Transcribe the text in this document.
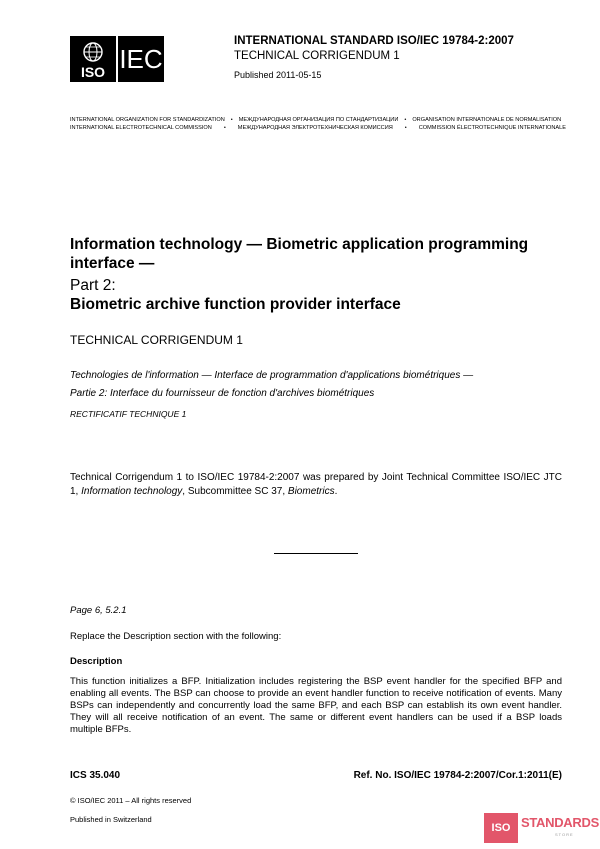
ISO IEC
INTERNATIONAL STANDARD ISO/IEC 19784-2:2007
TECHNICAL CORRIGENDUM 1
Published 2011-05-15
INTERNATIONAL ORGANIZATION FOR STANDARDIZATION • МЕЖДУНАРОДНАЯ ОРГАНИЗАЦИЯ ПО СТАНДАРТИЗАЦИИ • ORGANISATION INTERNATIONALE DE NORMALISATION
INTERNATIONAL ELECTROTECHNICAL COMMISSION • МЕЖДУНАРОДНАЯ ЭЛЕКТРОТЕХНИЧЕСКАЯ КОМИССИЯ • COMMISSION ÉLECTROTECHNIQUE INTERNATIONALE
Information technology — Biometric application programming interface —
Part 2:
Biometric archive function provider interface
TECHNICAL CORRIGENDUM 1
Technologies de l'information — Interface de programmation d'applications biométriques —
Partie 2: Interface du fournisseur de fonction d'archives biométriques
RECTIFICATIF TECHNIQUE 1
Technical Corrigendum 1 to ISO/IEC 19784-2:2007 was prepared by Joint Technical Committee ISO/IEC JTC 1, Information technology, Subcommittee SC 37, Biometrics.
Page 6, 5.2.1
Replace the Description section with the following:
Description
This function initializes a BFP. Initialization includes registering the BSP event handler for the specified BFP and enabling all events. The BSP can choose to provide an event handler function to receive notification of events. Many BSPs can independently and concurrently load the same BFP, and each BSP can establish its own event handler. They will all receive notification of an event. The same or different event handlers can be used if a BSP loads multiple BFPs.
ICS 35.040	Ref. No. ISO/IEC 19784-2:2007/Cor.1:2011(E)
© ISO/IEC 2011 – All rights reserved
Published in Switzerland
ISO STANDARDS
STORE
